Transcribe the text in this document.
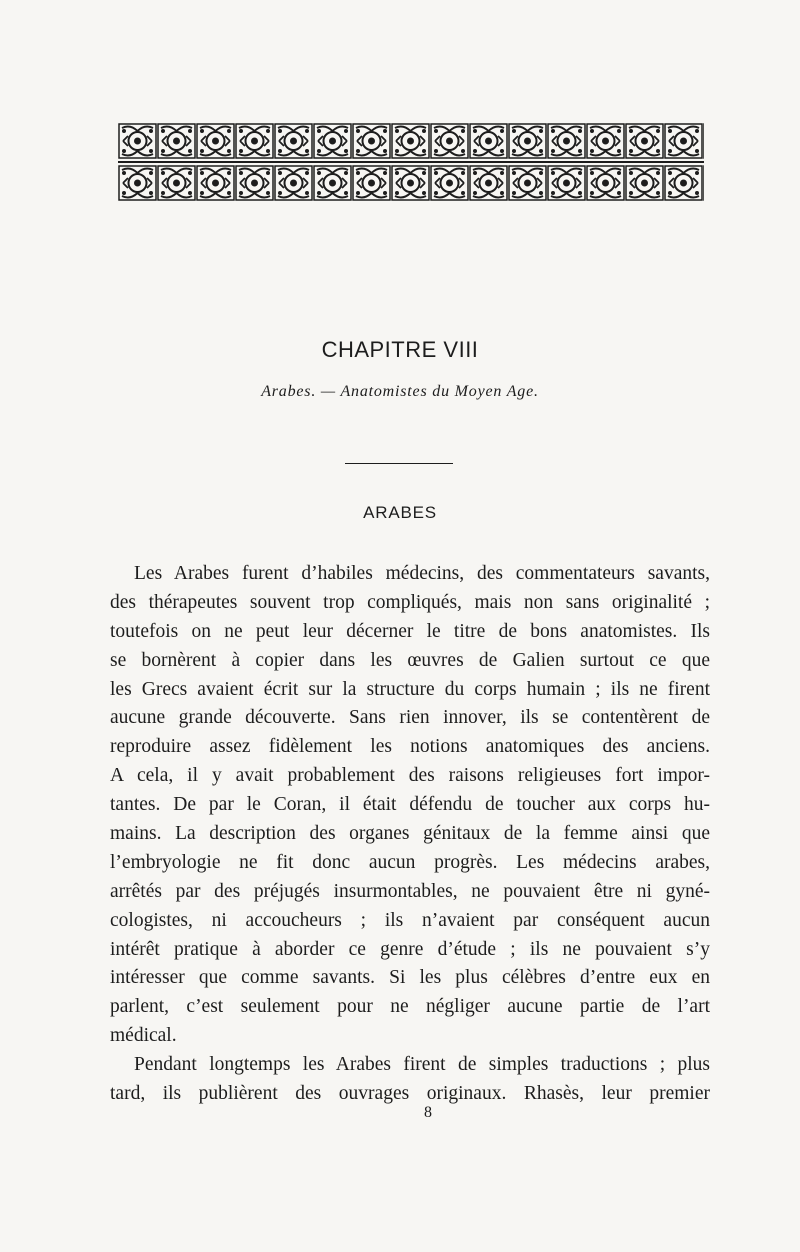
CHAPITRE VIII
Arabes. — Anatomistes du Moyen Age.
ARABES
Les Arabes furent d’habiles médecins, des commentateurs savants,
des thérapeutes souvent trop compliqués, mais non sans originalité ;
toutefois on ne peut leur décerner le titre de bons anatomistes. Ils
se bornèrent à copier dans les œuvres de Galien surtout ce que
les Grecs avaient écrit sur la structure du corps humain ; ils ne firent
aucune grande découverte. Sans rien innover, ils se contentèrent de
reproduire assez fidèlement les notions anatomiques des anciens.
A cela, il y avait probablement des raisons religieuses fort impor-
tantes. De par le Coran, il était défendu de toucher aux corps hu-
mains. La description des organes génitaux de la femme ainsi que
l’embryologie ne fit donc aucun progrès. Les médecins arabes,
arrêtés par des préjugés insurmontables, ne pouvaient être ni gyné-
cologistes, ni accoucheurs ; ils n’avaient par conséquent aucun
intérêt pratique à aborder ce genre d’étude ; ils ne pouvaient s’y
intéresser que comme savants. Si les plus célèbres d’entre eux en
parlent, c’est seulement pour ne négliger aucune partie de l’art
médical.
Pendant longtemps les Arabes firent de simples traductions ; plus
tard, ils publièrent des ouvrages originaux. Rhasès, leur premier
8
